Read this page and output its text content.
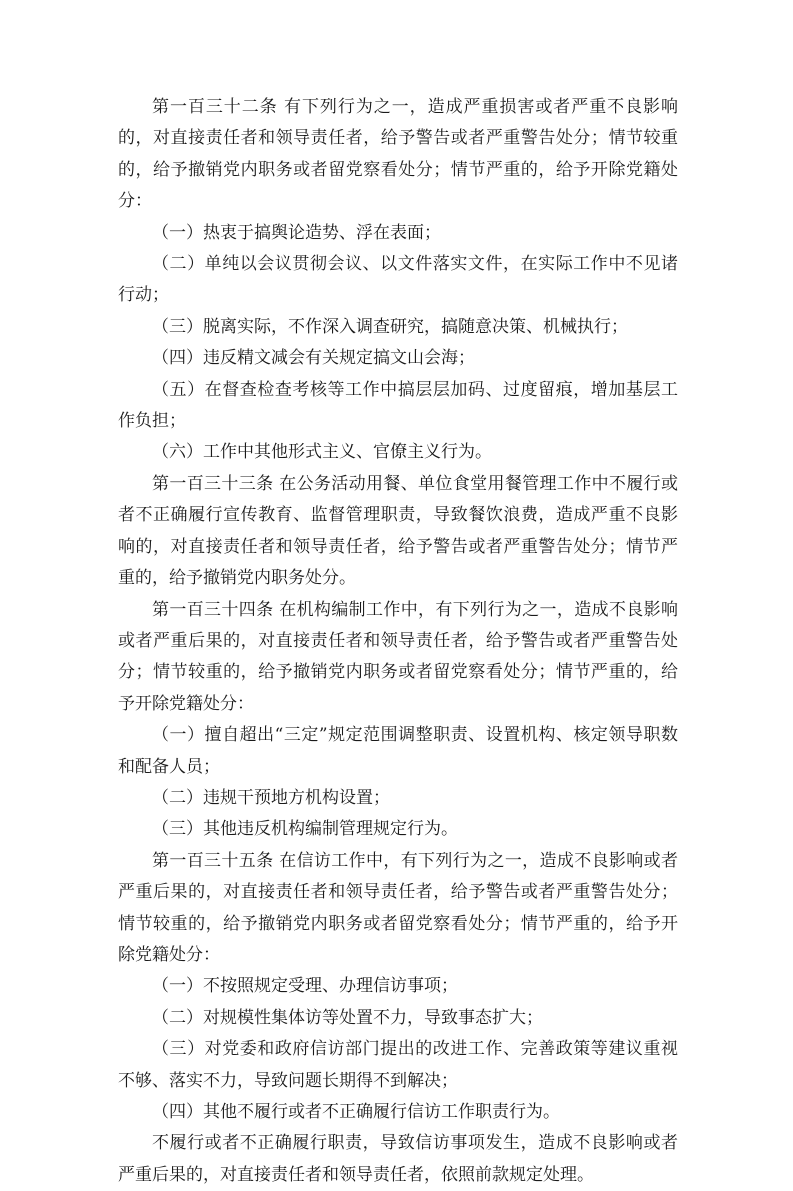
第一百三十二条 有下列行为之一，造成严重损害或者严重不良影响的，对直接责任者和领导责任者，给予警告或者严重警告处分；情节较重的，给予撤销党内职务或者留党察看处分；情节严重的，给予开除党籍处分：

（一）热衷于搞舆论造势、浮在表面；

（二）单纯以会议贯彻会议、以文件落实文件，在实际工作中不见诸行动；

（三）脱离实际，不作深入调查研究，搞随意决策、机械执行；

（四）违反精文减会有关规定搞文山会海；

（五）在督查检查考核等工作中搞层层加码、过度留痕，增加基层工作负担；

（六）工作中其他形式主义、官僚主义行为。

第一百三十三条 在公务活动用餐、单位食堂用餐管理工作中不履行或者不正确履行宣传教育、监督管理职责，导致餐饮浪费，造成严重不良影响的，对直接责任者和领导责任者，给予警告或者严重警告处分；情节严重的，给予撤销党内职务处分。

第一百三十四条 在机构编制工作中，有下列行为之一，造成不良影响或者严重后果的，对直接责任者和领导责任者，给予警告或者严重警告处分；情节较重的，给予撤销党内职务或者留党察看处分；情节严重的，给予开除党籍处分：

（一）擅自超出“三定”规定范围调整职责、设置机构、核定领导职数和配备人员；

（二）违规干预地方机构设置；

（三）其他违反机构编制管理规定行为。

第一百三十五条 在信访工作中，有下列行为之一，造成不良影响或者严重后果的，对直接责任者和领导责任者，给予警告或者严重警告处分；情节较重的，给予撤销党内职务或者留党察看处分；情节严重的，给予开除党籍处分：

（一）不按照规定受理、办理信访事项；

（二）对规模性集体访等处置不力，导致事态扩大；

（三）对党委和政府信访部门提出的改进工作、完善政策等建议重视不够、落实不力，导致问题长期得不到解决；

（四）其他不履行或者不正确履行信访工作职责行为。

不履行或者不正确履行职责，导致信访事项发生，造成不良影响或者严重后果的，对直接责任者和领导责任者，依照前款规定处理。
